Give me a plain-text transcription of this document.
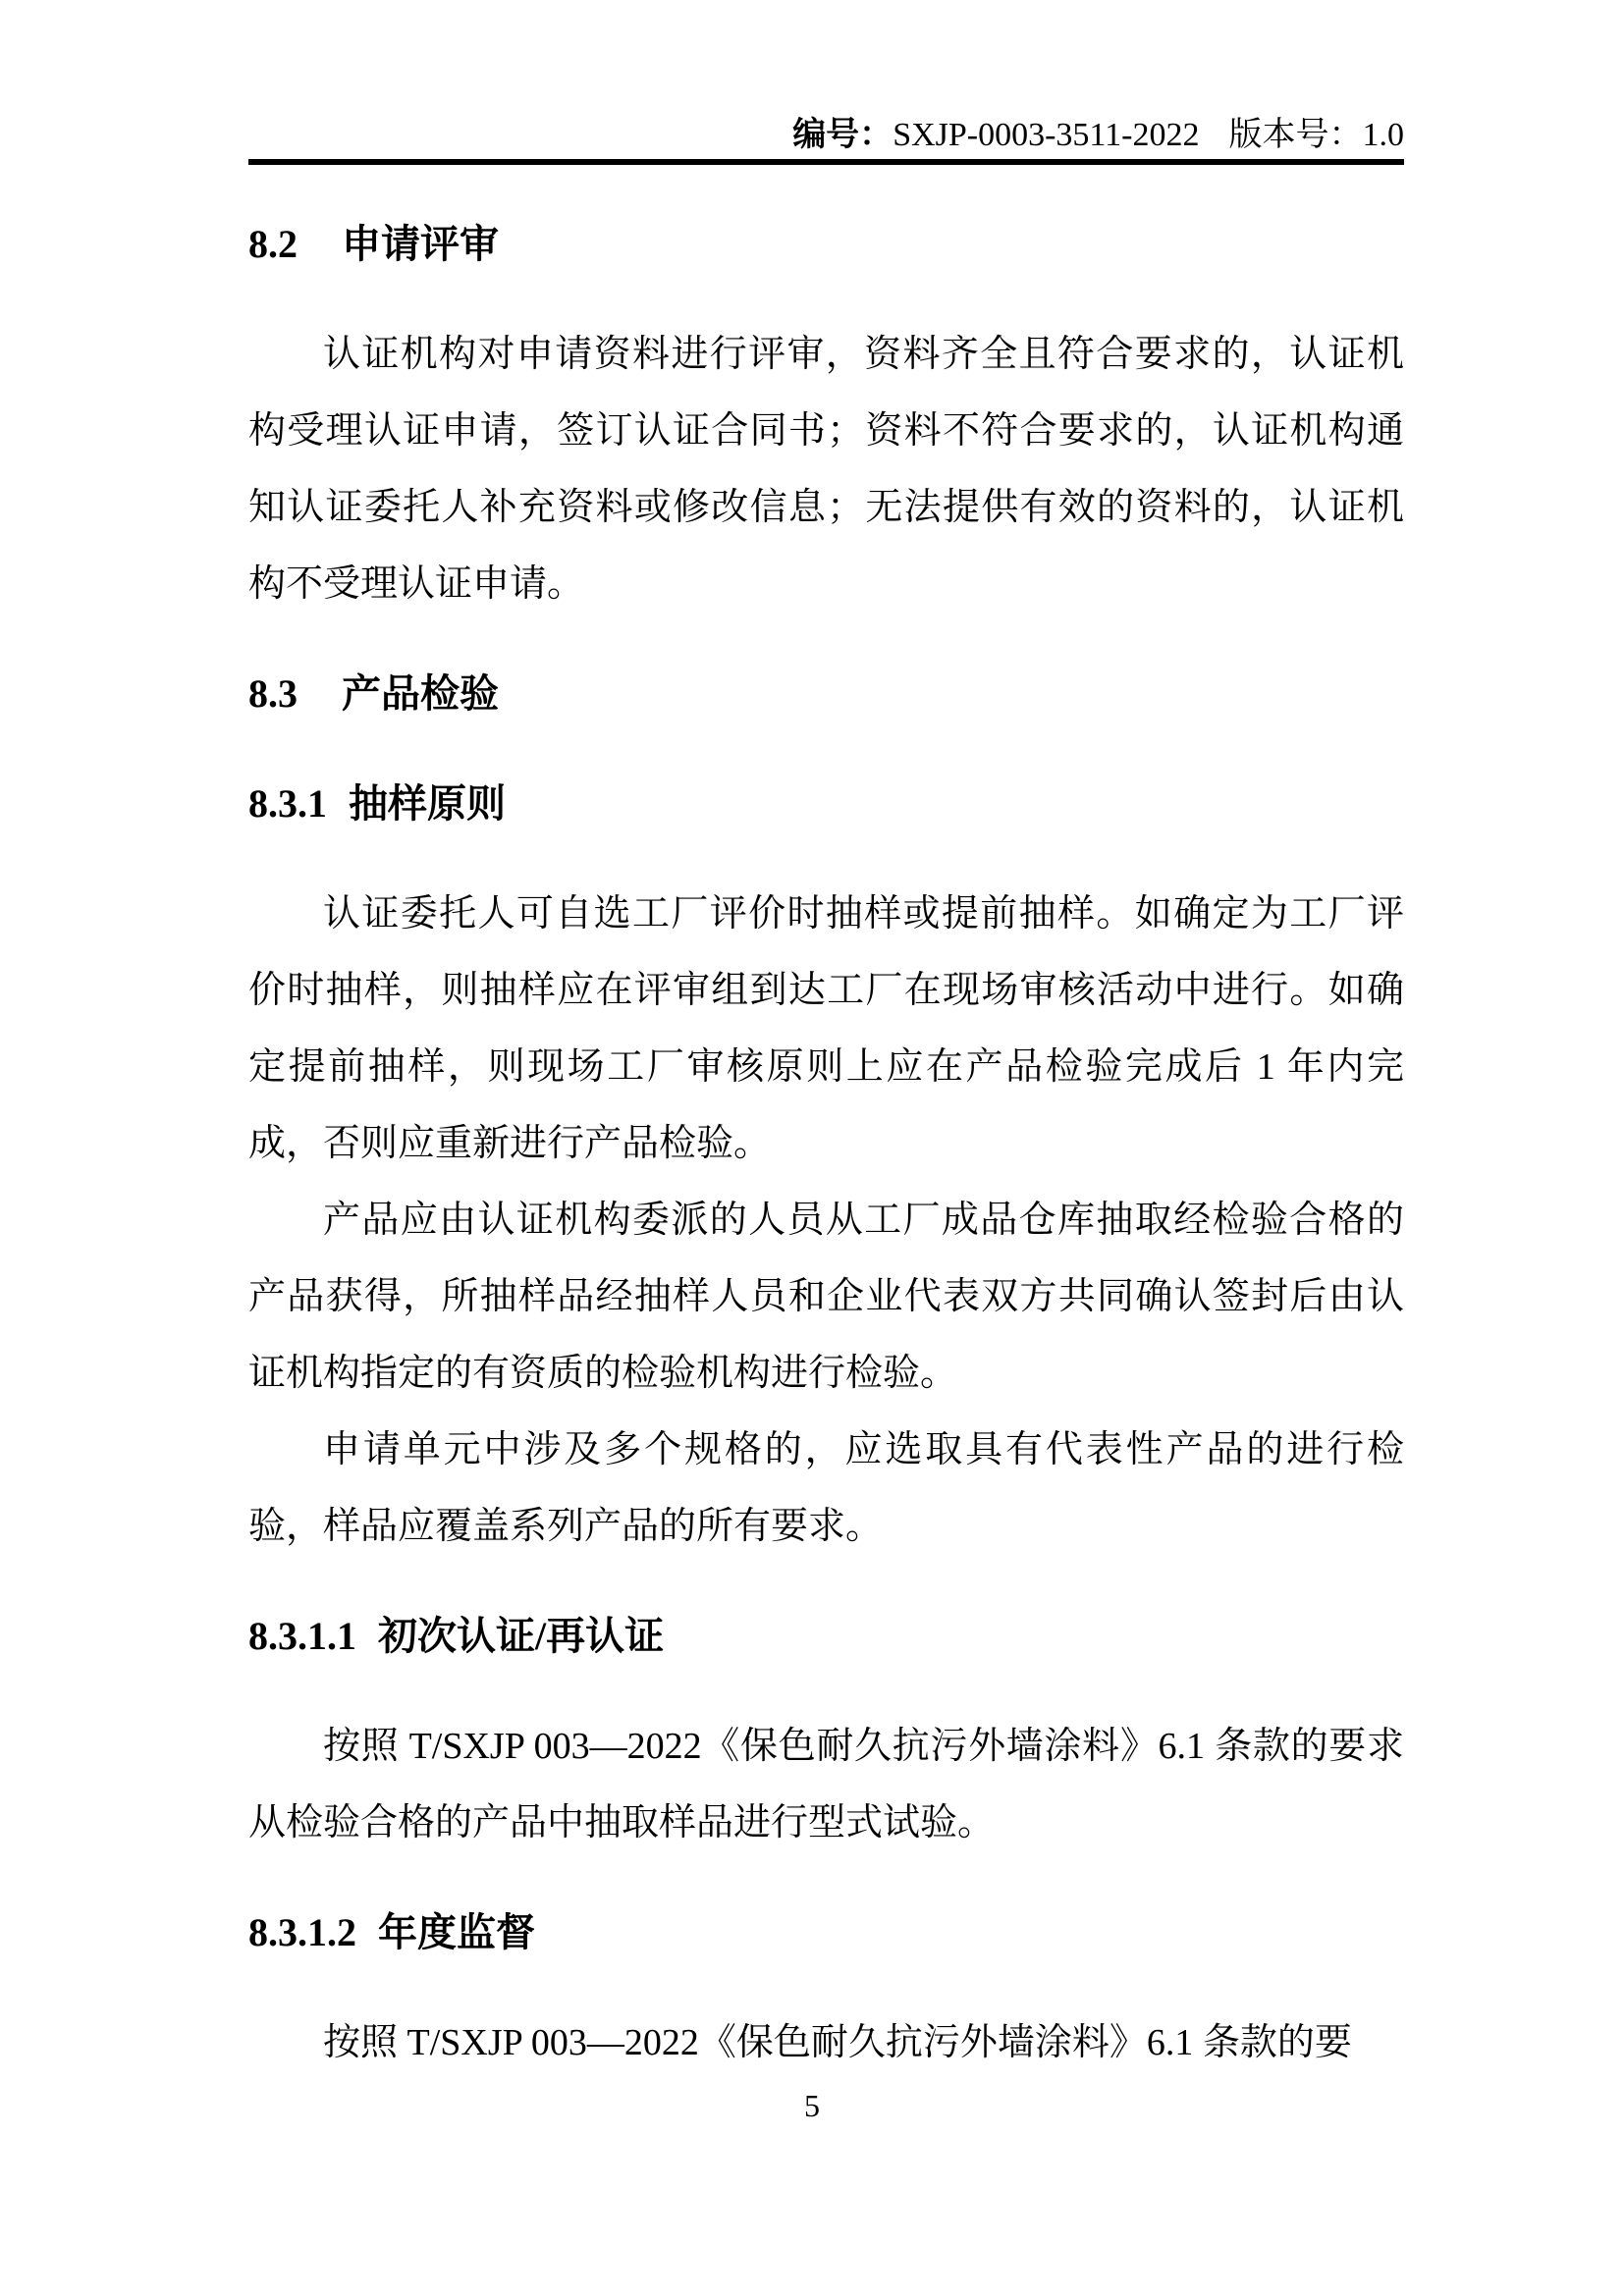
编号：SXJP-0003-3511-2022 版本号：1.0
8.2 申请评审

认证机构对申请资料进行评审，资料齐全且符合要求的，认证机构受理认证申请，签订认证合同书；资料不符合要求的，认证机构通知认证委托人补充资料或修改信息；无法提供有效的资料的，认证机构不受理认证申请。

8.3 产品检验
8.3.1 抽样原则

认证委托人可自选工厂评价时抽样或提前抽样。如确定为工厂评价时抽样，则抽样应在评审组到达工厂在现场审核活动中进行。如确定提前抽样，则现场工厂审核原则上应在产品检验完成后 1 年内完成，否则应重新进行产品检验。

产品应由认证机构委派的人员从工厂成品仓库抽取经检验合格的产品获得，所抽样品经抽样人员和企业代表双方共同确认签封后由认证机构指定的有资质的检验机构进行检验。

申请单元中涉及多个规格的，应选取具有代表性产品的进行检验，样品应覆盖系列产品的所有要求。

8.3.1.1 初次认证/再认证

按照 T/SXJP 003—2022《保色耐久抗污外墙涂料》6.1 条款的要求从检验合格的产品中抽取样品进行型式试验。

8.3.1.2 年度监督

按照 T/SXJP 003—2022《保色耐久抗污外墙涂料》6.1 条款的要

5
